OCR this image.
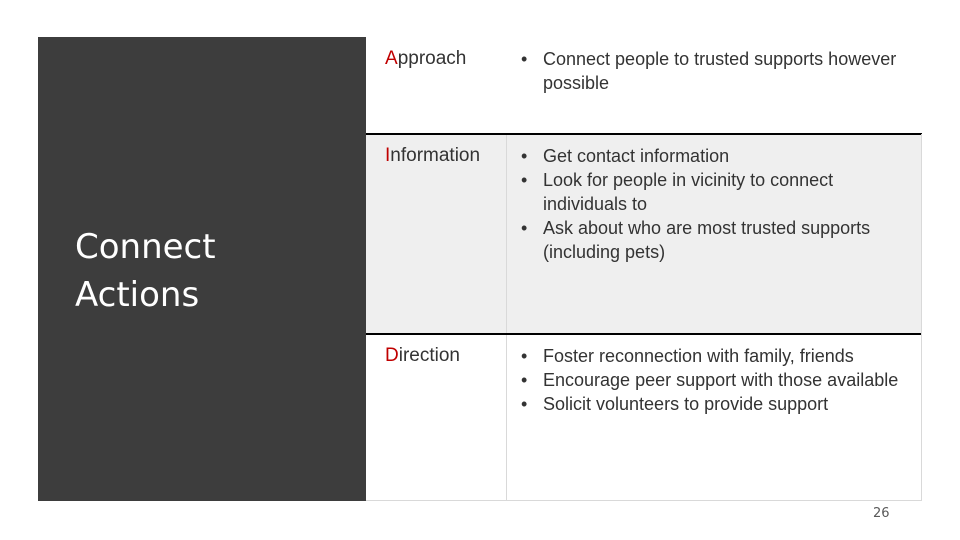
Connect
Actions
Approach	• Connect people to trusted supports however possible
Information • Get contact information
• Look for people in vicinity to connect individuals to
• Ask about who are most trusted supports (including pets)
Direction	• Foster reconnection with family, friends
• Encourage peer support with those available
• Solicit volunteers to provide support
26
